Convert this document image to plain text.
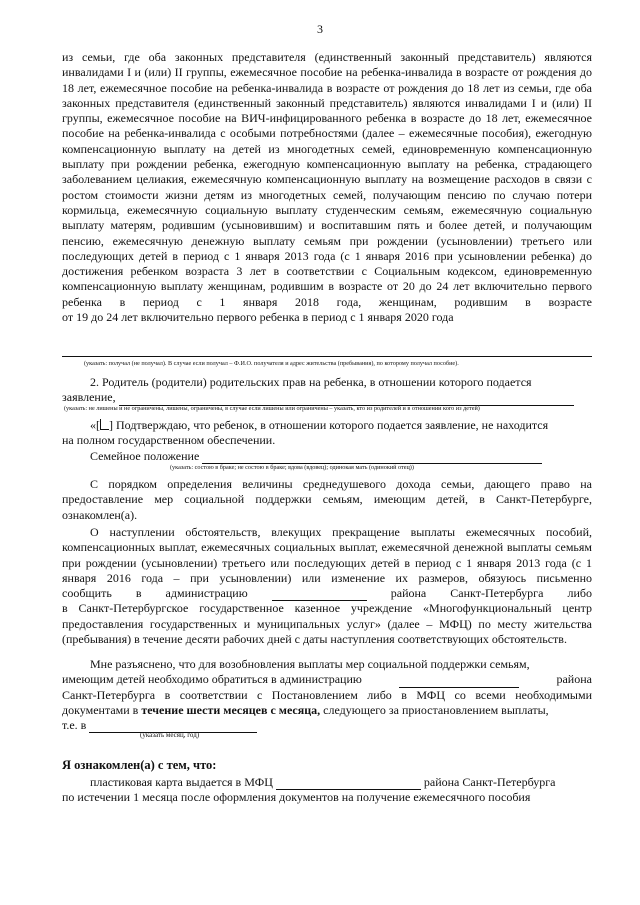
3

из семьи, где оба законных представителя (единственный законный представитель) являются инвалидами I и (или) II группы, ежемесячное пособие на ребенка-инвалида в возрасте от рождения до 18 лет, ежемесячное пособие на ребенка-инвалида в возрасте от рождения до 18 лет из семьи, где оба законных представителя (единственный законный представитель) являются инвалидами I и (или) II группы, ежемесячное пособие на ВИЧ-инфицированного ребенка в возрасте до 18 лет, ежемесячное пособие на ребенка-инвалида с особыми потребностями (далее – ежемесячные пособия), ежегодную компенсационную выплату на детей из многодетных семей, единовременную компенсационную выплату при рождении ребенка, ежегодную компенсационную выплату на ребенка, страдающего заболеванием целиакия, ежемесячную компенсационную выплату на возмещение расходов в связи с ростом стоимости жизни детям из многодетных семей, получающим пенсию по случаю потери кормильца, ежемесячную социальную выплату студенческим семьям, ежемесячную социальную выплату матерям, родившим (усыновившим) и воспитавшим пять и более детей, и получающим пенсию, ежемесячную денежную выплату семьям при рождении (усыновлении) третьего или последующих детей в период с 1 января 2013 года (с 1 января 2016 при усыновлении ребенка) до достижения ребенком возраста 3 лет в соответствии с Социальным кодексом, единовременную компенсационную выплату женщинам, родившим в возрасте от 20 до 24 лет включительно первого ребенка в период с 1 января 2018 года, женщинам, родившим в возрасте

от 19 до 24 лет включительно первого ребенка в период с 1 января 2020 года

(указать: получал (не получал). В случае если получал – Ф.И.О. получателя и адрес жительства (пребывания), по которому получал пособие).

2. Родитель (родители) родительских прав на ребенка, в отношении которого подается

заявление,
(указать: не лишены и не ограничены, лишены, ограничены, в случае если лишены или ограничены – указать, кто из родителей и в отношении кого из детей)
«[ ] Подтверждаю, что ребенок, в отношении которого подается заявление, не находится

на полном государственном обеспечении.

Семейное положение
(указать: состою в браке; не состою в браке; вдова (вдовец); одинокая мать (одинокий отец))

С порядком определения величины среднедушевого дохода семьи, дающего право на предоставление мер социальной поддержки семьям, имеющим детей, в Санкт-Петербурге, ознакомлен(а).

О наступлении обстоятельств, влекущих прекращение выплаты ежемесячных пособий, компенсационных выплат, ежемесячных социальных выплат, ежемесячной денежной выплаты семьям при рождении (усыновлении) третьего или последующих детей в период с 1 января 2013 года (с 1 января 2016 года – при усыновлении) или изменение их размеров, обязуюсь письменно

сообщить в администрацию	района Санкт-Петербурга либо

в Санкт-Петербургское государственное казенное учреждение «Многофункциональный центр предоставления государственных и муниципальных услуг» (далее – МФЦ) по месту жительства (пребывания) в течение десяти рабочих дней с даты наступления соответствующих обстоятельств.

Мне разъяснено, что для возобновления выплаты мер социальной поддержки семьям,

имеющим детей необходимо обратиться в администрацию	района

Санкт-Петербурга в соответствии с Постановлением либо в МФЦ со всеми необходимыми документами в течение шести месяцев с месяца, следующего за приостановлением выплаты,

т.е. в
(указать месяц, год)
Я ознакомлен(а) с тем, что:
пластиковая карта выдается в МФЦ	района Санкт-Петербурга

по истечении 1 месяца после оформления документов на получение ежемесячного пособия
